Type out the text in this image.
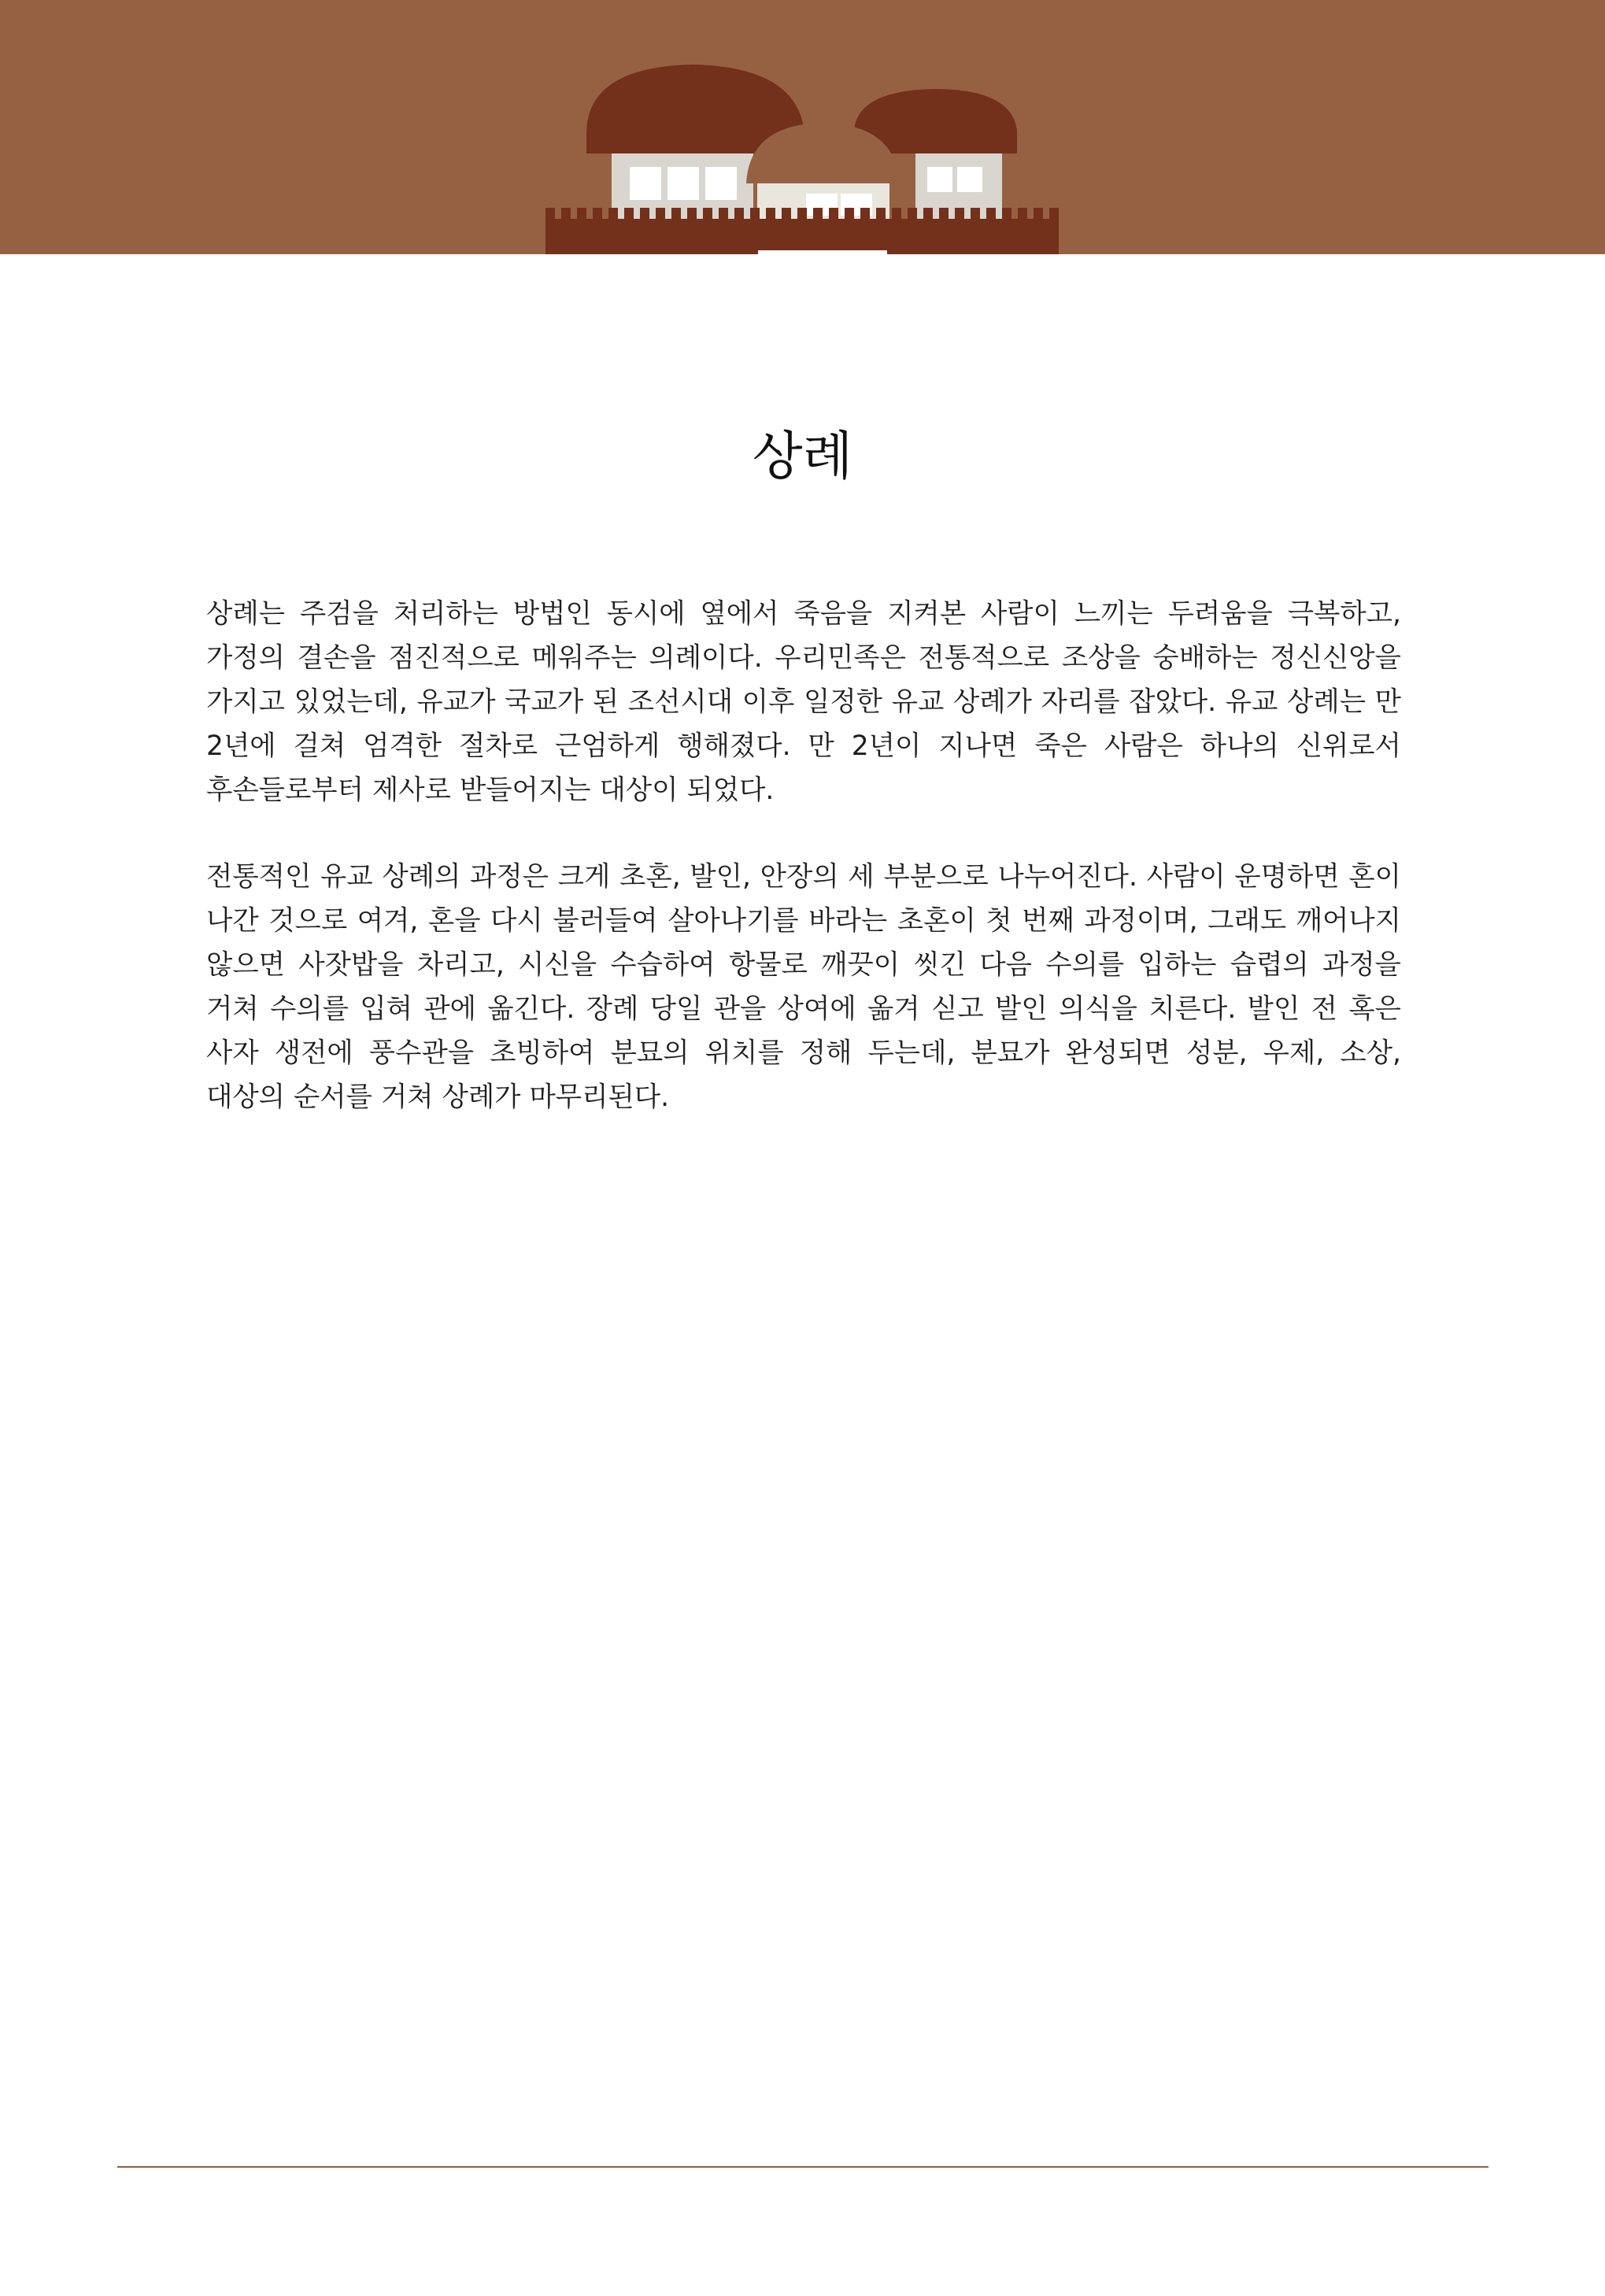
상례

상례는 주검을 처리하는 방법인 동시에 옆에서 죽음을 지켜본 사람이 느끼는 두려움을 극복하고, 가정의 결손을 점진적으로 메워주는 의례이다. 우리민족은 전통적으로 조상을 숭배하는 정신신앙을 가지고 있었는데, 유교가 국교가 된 조선시대 이후 일정한 유교 상례가 자리를 잡았다. 유교 상례는 만 2년에 걸쳐 엄격한 절차로 근엄하게 행해졌다. 만 2년이 지나면 죽은 사람은 하나의 신위로서 후손들로부터 제사로 받들어지는 대상이 되었다.

전통적인 유교 상례의 과정은 크게 초혼, 발인, 안장의 세 부분으로 나누어진다. 사람이 운명하면 혼이 나간 것으로 여겨, 혼을 다시 불러들여 살아나기를 바라는 초혼이 첫 번째 과정이며, 그래도 깨어나지 않으면 사잣밥을 차리고, 시신을 수습하여 항물로 깨끗이 씻긴 다음 수의를 입하는 습렵의 과정을 거쳐 수의를 입혀 관에 옮긴다. 장례 당일 관을 상여에 옮겨 싣고 발인 의식을 치른다. 발인 전 혹은 사자 생전에 풍수관을 초빙하여 분묘의 위치를 정해 두는데, 분묘가 완성되면 성분, 우제, 소상, 대상의 순서를 거쳐 상례가 마무리된다.
